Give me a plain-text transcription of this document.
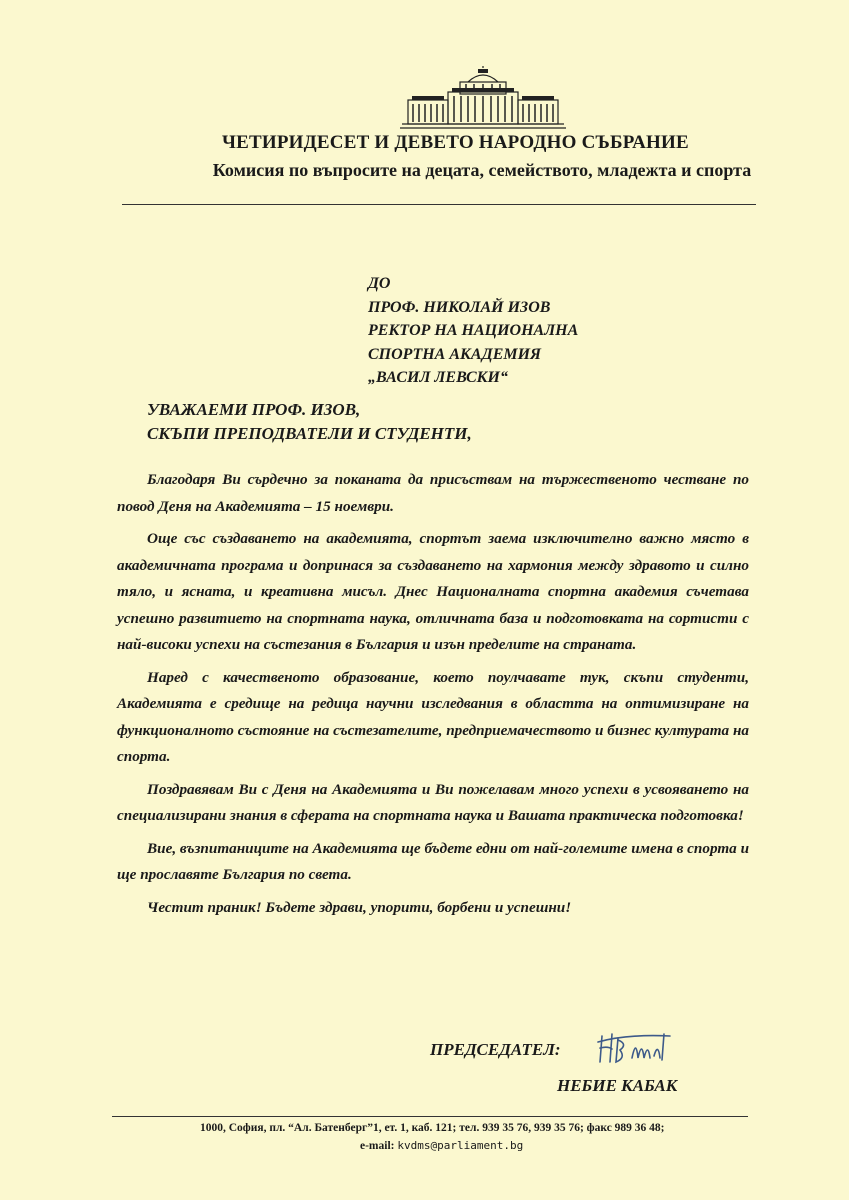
ЧЕТИРИДЕСЕТ И ДЕВЕТО НАРОДНО СЪБРАНИЕ
Комисия по въпросите на децата, семейството, младежта и спорта
ДО
ПРОФ. НИКОЛАЙ ИЗОВ
РЕКТОР НА НАЦИОНАЛНА
СПОРТНА АКАДЕМИЯ
„ВАСИЛ ЛЕВСКИ“
УВАЖАЕМИ ПРОФ. ИЗОВ,
СКЪПИ ПРЕПОДВАТЕЛИ И СТУДЕНТИ,

Благодаря Ви сърдечно за поканата да присъствам на тържественото честване по повод Деня на Академията – 15 ноември.

Още със създаването на академията, спортът заема изключително важно място в академичната програма и допринася за създаването на хармония между здравото и силно тяло, и ясната, и креативна мисъл. Днес Националната спортна академия съчетава успешно развитието на спортната наука, отличната база и подготовката на сортисти с най-високи успехи на състезания в България и изън пределите на страната.

Наред с качественото образование, което поулчавате тук, скъпи студенти, Академията е средище на редица научни изследвания в областта на оптимизиране на функционалното състояние на състезателите, предприемачеството и бизнес културата на спорта.

Поздравявам Ви с Деня на Академията и Ви пожелавам много успехи в усвояването на специализирани знания в сферата на спортната наука и Вашата практическа подготовка!

Вие, възпитаниците на Академията ще бъдете едни от най-големите имена в спорта и ще прославяте България по света.

Честит праник! Бъдете здрави, упорити, борбени и успешни!

ПРЕДСЕДАТЕЛ:
НЕБИЕ КАБАК
1000, София, пл. “Ал. Батенберг”1, ет. 1, каб. 121; тел. 939 35 76, 939 35 76; факс 989 36 48;
e-mail: kvdms@parliament.bg
